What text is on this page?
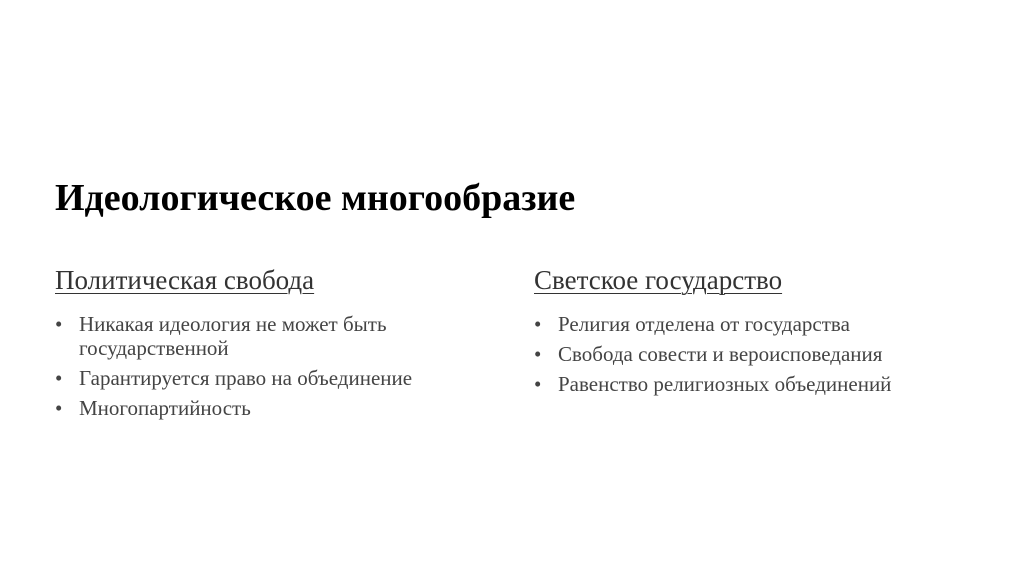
Идеологическое многообразие
Политическая свобода
• Никакая идеология не может быть государственной
• Гарантируется право на объединение
• Многопартийность
Светское государство
• Религия отделена от государства
• Свобода совести и вероисповедания
• Равенство религиозных объединений
